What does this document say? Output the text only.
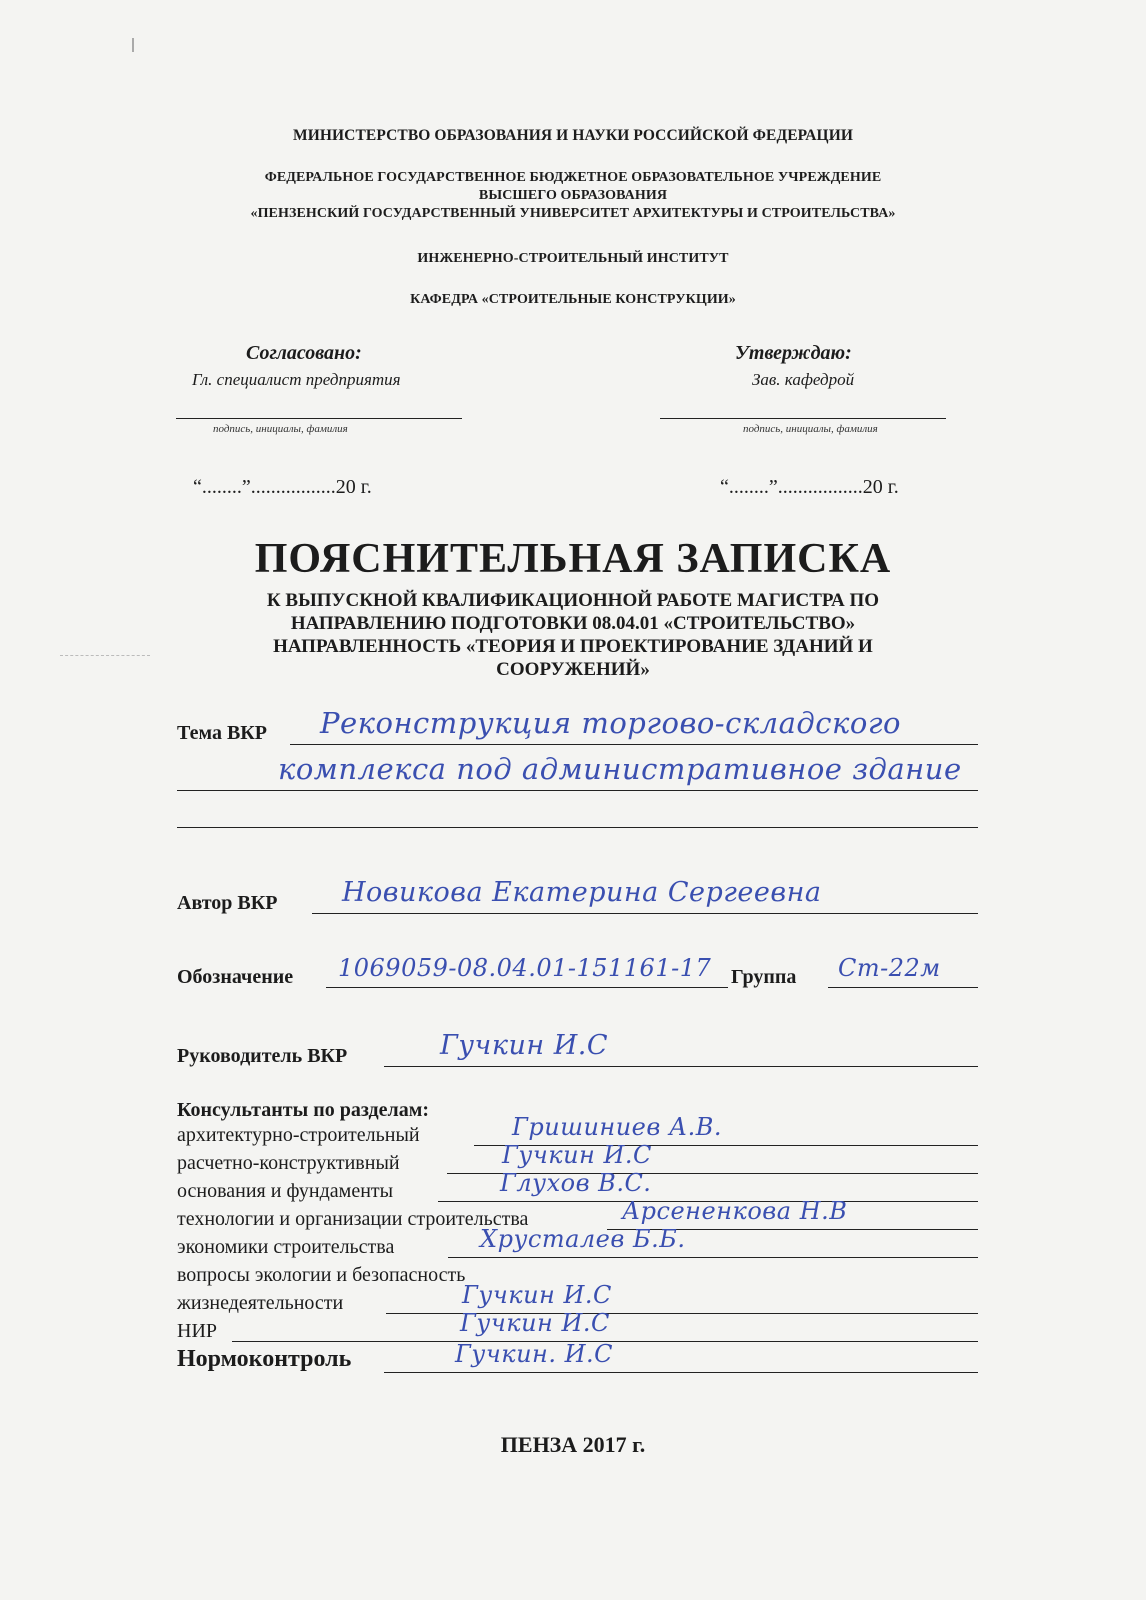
МИНИСТЕРСТВО ОБРАЗОВАНИЯ И НАУКИ РОССИЙСКОЙ ФЕДЕРАЦИИ
ФЕДЕРАЛЬНОЕ ГОСУДАРСТВЕННОЕ БЮДЖЕТНОЕ ОБРАЗОВАТЕЛЬНОЕ УЧРЕЖДЕНИЕ
ВЫСШЕГО ОБРАЗОВАНИЯ
«ПЕНЗЕНСКИЙ ГОСУДАРСТВЕННЫЙ УНИВЕРСИТЕТ АРХИТЕКТУРЫ И СТРОИТЕЛЬСТВА»
ИНЖЕНЕРНО-СТРОИТЕЛЬНЫЙ ИНСТИТУТ
КАФЕДРА «СТРОИТЕЛЬНЫЕ КОНСТРУКЦИИ»
Согласовано:
Гл. специалист предприятия
подпись, инициалы, фамилия
“........”.................20 г.
Утверждаю:
Зав. кафедрой
подпись, инициалы, фамилия
“........”.................20 г.
ПОЯСНИТЕЛЬНАЯ ЗАПИСКА
К ВЫПУСКНОЙ КВАЛИФИКАЦИОННОЙ РАБОТЕ МАГИСТРА ПО
НАПРАВЛЕНИЮ ПОДГОТОВКИ 08.04.01 «СТРОИТЕЛЬСТВО»
НАПРАВЛЕННОСТЬ «ТЕОРИЯ И ПРОЕКТИРОВАНИЕ ЗДАНИЙ И
СООРУЖЕНИЙ»
Тема ВКР Реконструкция торгово-складского
комплекса под административное здание
Автор ВКР Новикова Екатерина Сергеевна
Обозначение 1069059-08.04.01-151161-17 Группа Ст-22м
Руководитель ВКР	Гучкин И.С
Консультанты по разделам:
архитектурно-строительный	Гришиниев А.В.
расчетно-конструктивный	Гучкин И.С
основания и фундаменты	Глухов В.С.
технологии и организации строительства	Арсененкова Н.В
экономики строительства	Хрусталев Б.Б.
вопросы экологии и безопасность
жизнедеятельности	Гучкин И.С
НИР	Гучкин И.С
Нормоконтроль	Гучкин. И.С
ПЕНЗА 2017 г.
